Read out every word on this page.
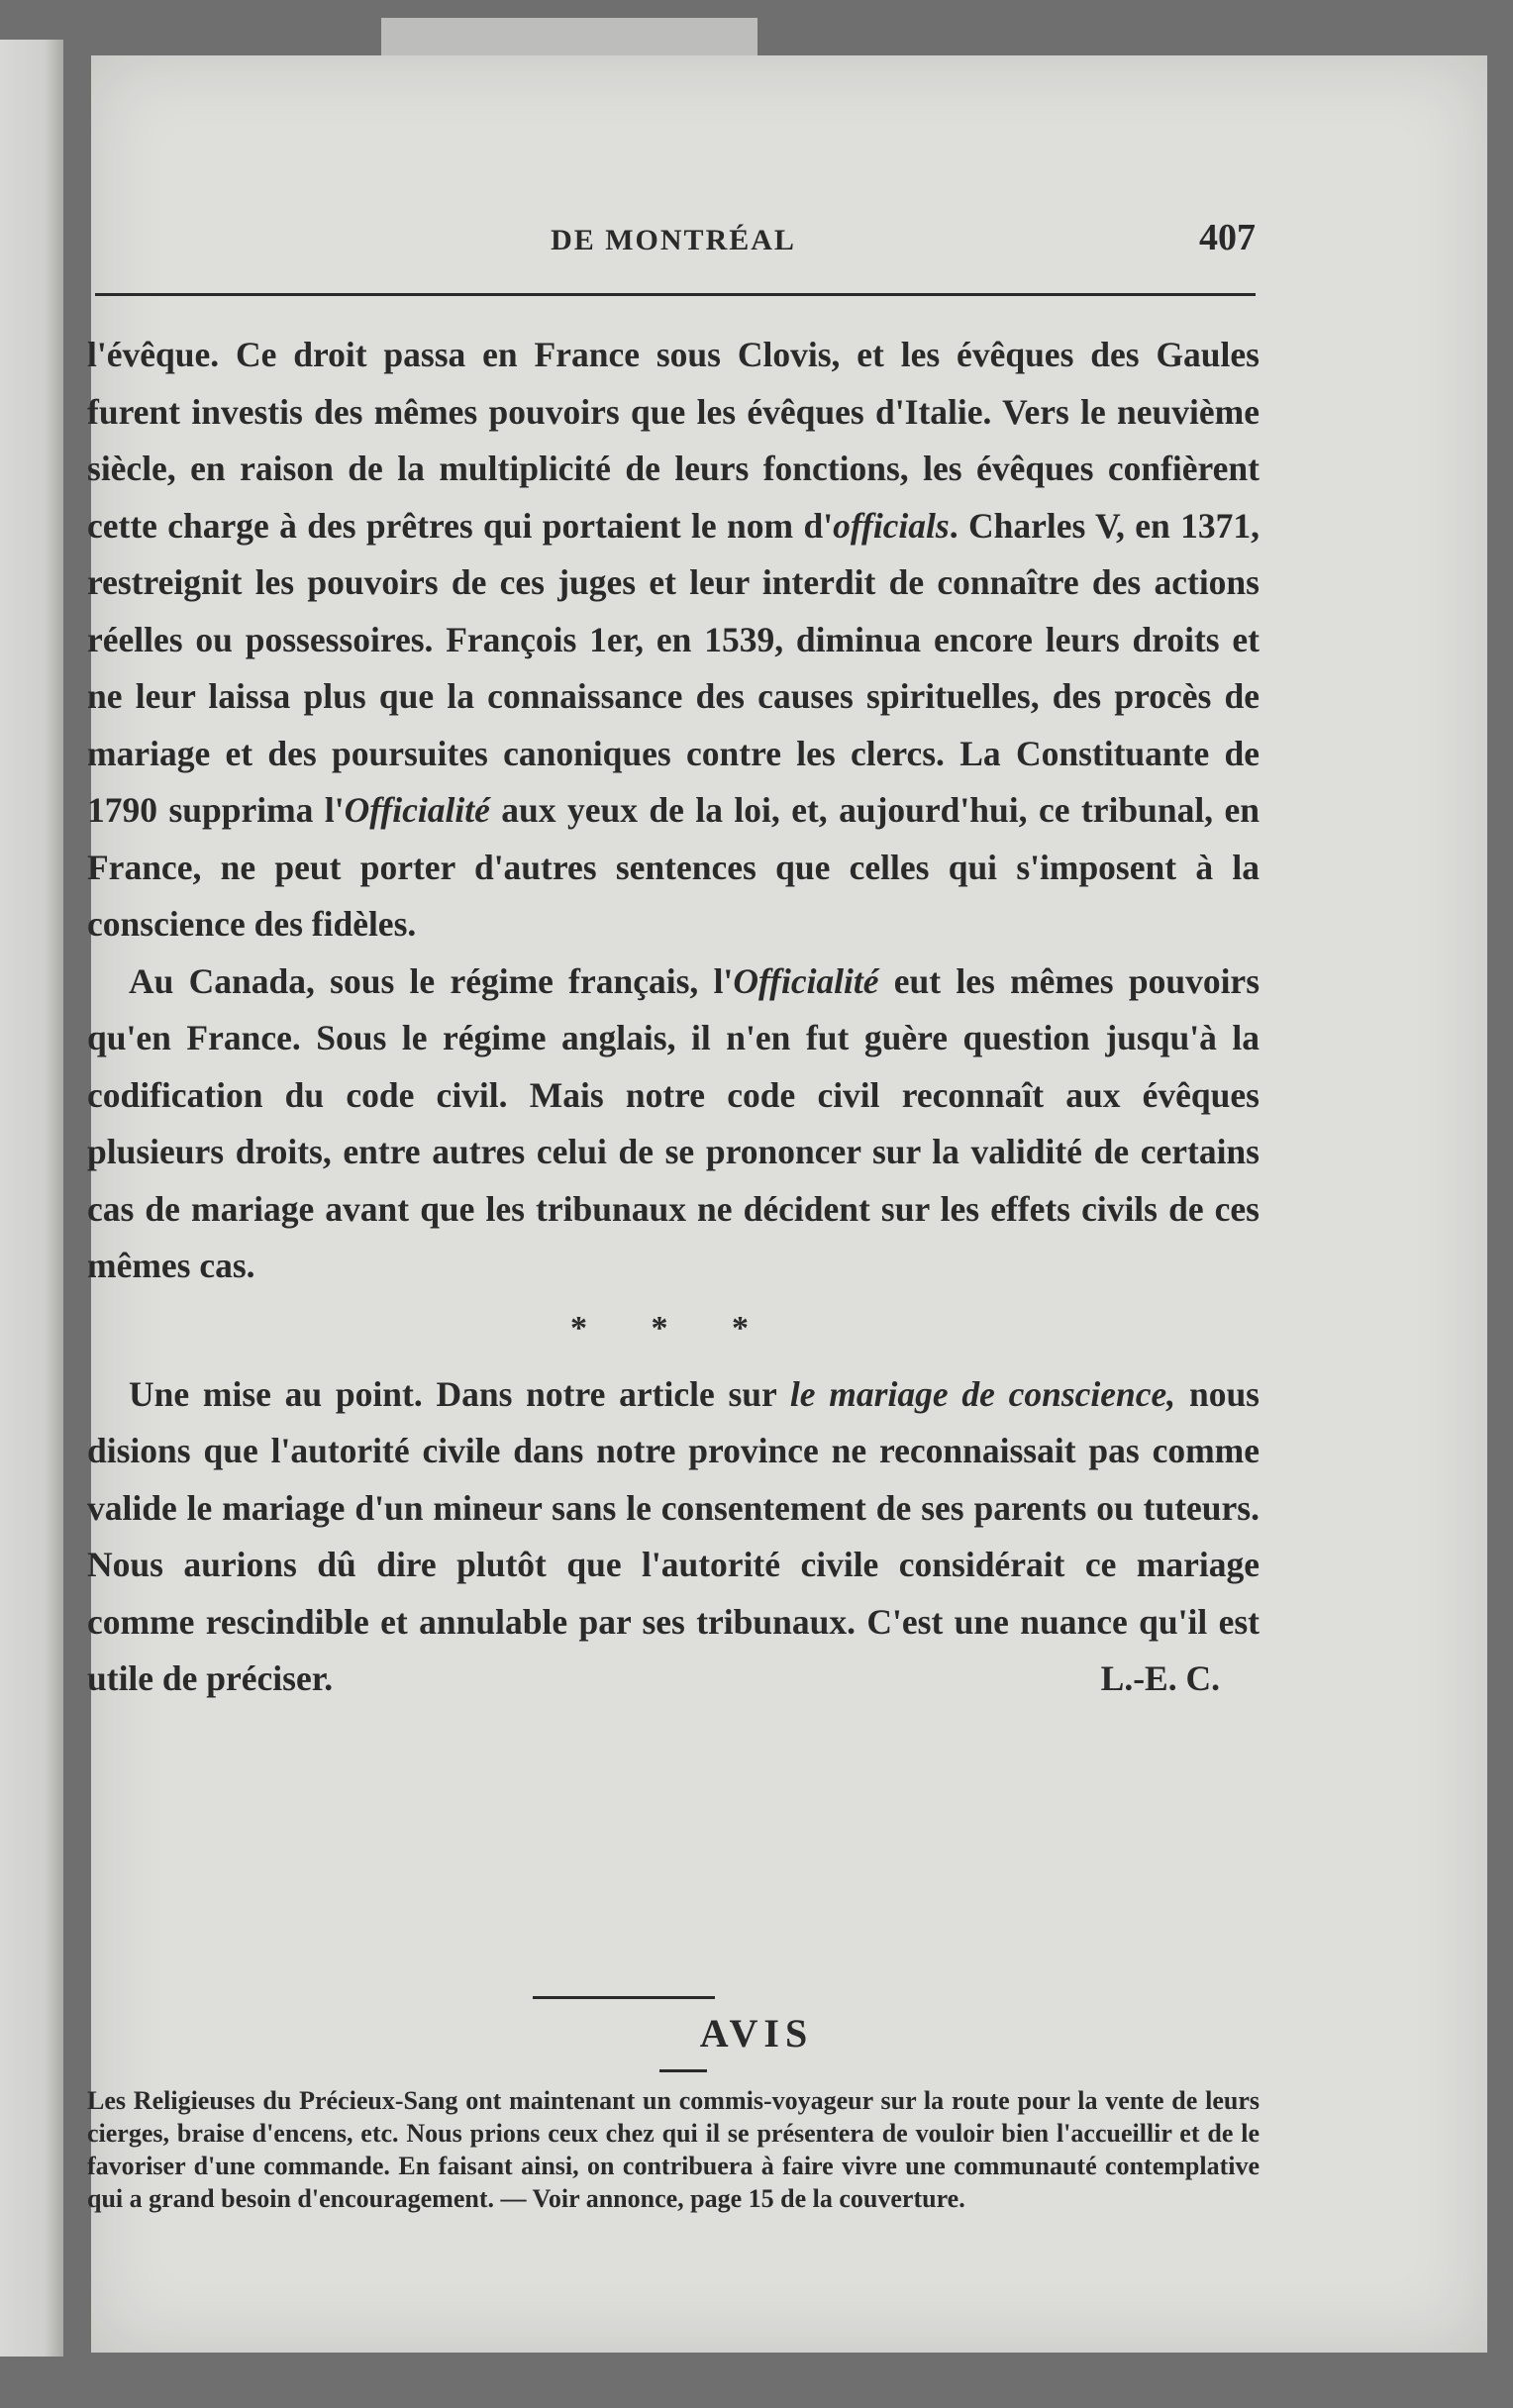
DE MONTRÉAL	407

l'évêque. Ce droit passa en France sous Clovis, et les évêques des Gaules furent investis des mêmes pouvoirs que les évêques d'Italie. Vers le neuvième siècle, en raison de la multiplicité de leurs fonctions, les évêques confièrent cette charge à des prêtres qui portaient le nom d'officials. Charles V, en 1371, restreignit les pouvoirs de ces juges et leur interdit de connaître des actions réelles ou possessoires. François 1er, en 1539, diminua encore leurs droits et ne leur laissa plus que la connaissance des causes spirituelles, des procès de mariage et des poursuites canoniques contre les clercs. La Constituante de 1790 supprima l'Officialité aux yeux de la loi, et, aujourd'hui, ce tribunal, en France, ne peut porter d'autres sentences que celles qui s'imposent à la conscience des fidèles.

Au Canada, sous le régime français, l'Officialité eut les mêmes pouvoirs qu'en France. Sous le régime anglais, il n'en fut guère question jusqu'à la codification du code civil. Mais notre code civil reconnaît aux évêques plusieurs droits, entre autres celui de se prononcer sur la validité de certains cas de mariage avant que les tribunaux ne décident sur les effets civils de ces mêmes cas.

* * *

Une mise au point. Dans notre article sur le mariage de conscience, nous disions que l'autorité civile dans notre province ne reconnaissait pas comme valide le mariage d'un mineur sans le consentement de ses parents ou tuteurs. Nous aurions dû dire plutôt que l'autorité civile considérait ce mariage comme rescindible et annulable par ses tribunaux. C'est une nuance qu'il est utile de préciser.	L.-E. C.

AVIS

Les Religieuses du Précieux-Sang ont maintenant un commis-voyageur sur la route pour la vente de leurs cierges, braise d'encens, etc. Nous prions ceux chez qui il se présentera de vouloir bien l'accueillir et de le favoriser d'une commande. En faisant ainsi, on contribuera à faire vivre une communauté contemplative qui a grand besoin d'encouragement. — Voir annonce, page 15 de la couverture.
